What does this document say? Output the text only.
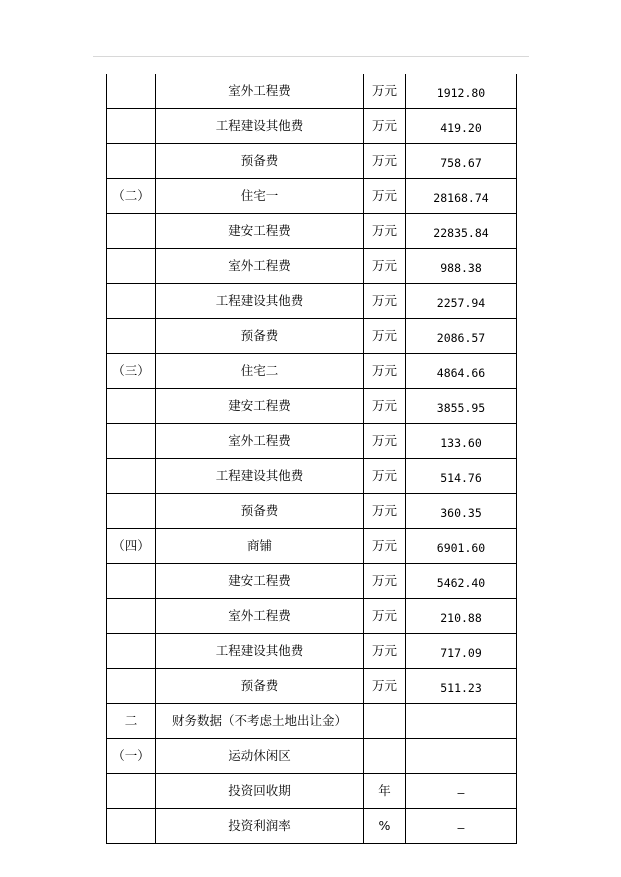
	室外工程费	万元	1912.80
	工程建设其他费	万元	419.20
	预备费	万元	758.67
（二）	住宅一	万元	28168.74
	建安工程费	万元	22835.84
	室外工程费	万元	988.38
	工程建设其他费	万元	2257.94
	预备费	万元	2086.57
（三）	住宅二	万元	4864.66
	建安工程费	万元	3855.95
	室外工程费	万元	133.60
	工程建设其他费	万元	514.76
	预备费	万元	360.35
（四）	商铺	万元	6901.60
	建安工程费	万元	5462.40
	室外工程费	万元	210.88
	工程建设其他费	万元	717.09
	预备费	万元	511.23
二	财务数据（不考虑土地出让金）		
（一）	运动休闲区		
	投资回收期	年	—
	投资利润率	%	—
